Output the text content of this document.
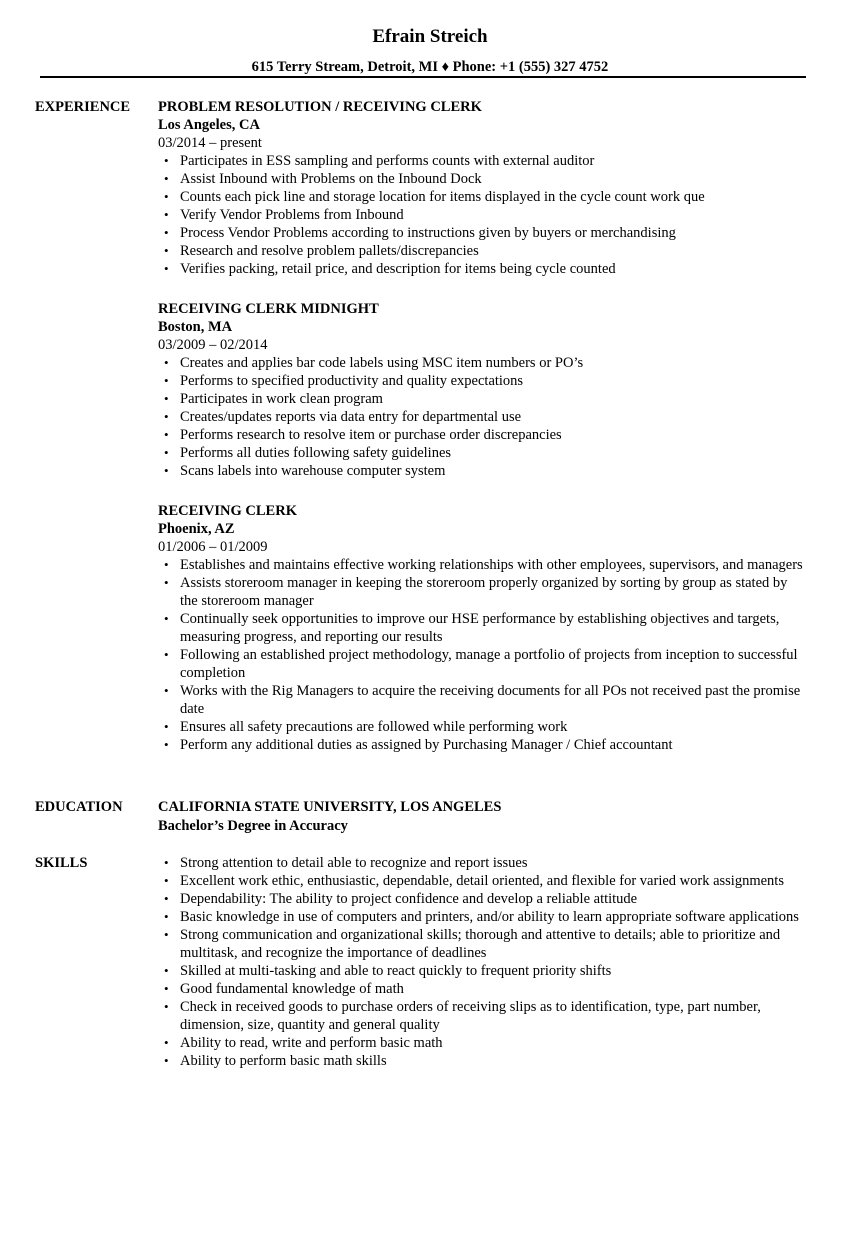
Efrain Streich
615 Terry Stream, Detroit, MI ♦ Phone: +1 (555) 327 4752
EXPERIENCE PROBLEM RESOLUTION / RECEIVING CLERK
Los Angeles, CA
03/2014 – present
• Participates in ESS sampling and performs counts with external auditor
• Assist Inbound with Problems on the Inbound Dock
• Counts each pick line and storage location for items displayed in the cycle count work que
• Verify Vendor Problems from Inbound
• Process Vendor Problems according to instructions given by buyers or merchandising
• Research and resolve problem pallets/discrepancies
• Verifies packing, retail price, and description for items being cycle counted
RECEIVING CLERK MIDNIGHT
Boston, MA
03/2009 – 02/2014
• Creates and applies bar code labels using MSC item numbers or PO’s
• Performs to specified productivity and quality expectations
• Participates in work clean program
• Creates/updates reports via data entry for departmental use
• Performs research to resolve item or purchase order discrepancies
• Performs all duties following safety guidelines
• Scans labels into warehouse computer system
RECEIVING CLERK
Phoenix, AZ
01/2006 – 01/2009
• Establishes and maintains effective working relationships with other employees, supervisors, and managers
• Assists storeroom manager in keeping the storeroom properly organized by sorting by group as stated by the storeroom manager
• Continually seek opportunities to improve our HSE performance by establishing objectives and targets, measuring progress, and reporting our results
• Following an established project methodology, manage a portfolio of projects from inception to successful completion
• Works with the Rig Managers to acquire the receiving documents for all POs not received past the promise date
• Ensures all safety precautions are followed while performing work
• Perform any additional duties as assigned by Purchasing Manager / Chief accountant
EDUCATION CALIFORNIA STATE UNIVERSITY, LOS ANGELES
Bachelor’s Degree in Accuracy
SKILLS	• Strong attention to detail able to recognize and report issues
• Excellent work ethic, enthusiastic, dependable, detail oriented, and flexible for varied work assignments
• Dependability: The ability to project confidence and develop a reliable attitude
• Basic knowledge in use of computers and printers, and/or ability to learn appropriate software applications
• Strong communication and organizational skills; thorough and attentive to details; able to prioritize and multitask, and recognize the importance of deadlines
• Skilled at multi-tasking and able to react quickly to frequent priority shifts
• Good fundamental knowledge of math
• Check in received goods to purchase orders of receiving slips as to identification, type, part number, dimension, size, quantity and general quality
• Ability to read, write and perform basic math
• Ability to perform basic math skills
